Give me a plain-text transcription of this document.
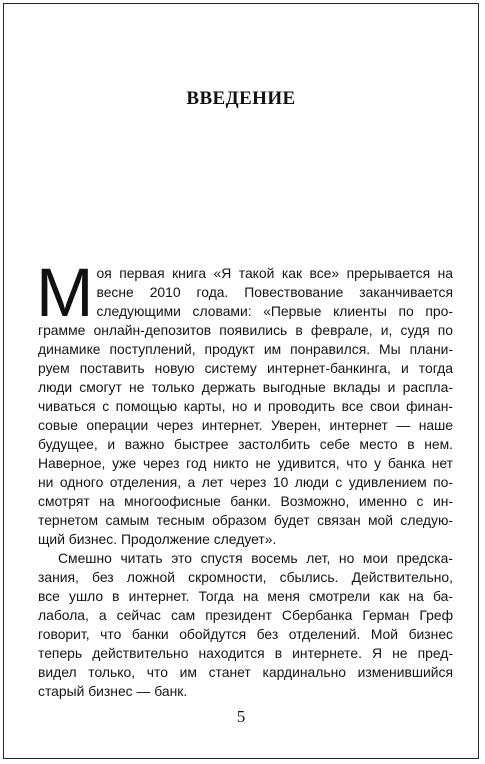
ВВЕДЕНИЕ
М оя первая книга «Я такой как все» прерывается на
весне 2010 года. Повествование заканчивается
следующими словами: «Первые клиенты по про-
грамме онлайн-депозитов появились в феврале, и, судя по
динамике поступлений, продукт им понравился. Мы плани-
руем поставить новую систему интернет-банкинга, и тогда
люди смогут не только держать выгодные вклады и распла-
чиваться с помощью карты, но и проводить все свои финан-
совые операции через интернет. Уверен, интернет — наше
будущее, и важно быстрее застолбить себе место в нем.
Наверное, уже через год никто не удивится, что у банка нет
ни одного отделения, а лет через 10 люди с удивлением по-
смотрят на многоофисные банки. Возможно, именно с ин-
тернетом самым тесным образом будет связан мой следую-
щий бизнес. Продолжение следует».
Смешно читать это спустя восемь лет, но мои предска-
зания, без ложной скромности, сбылись. Действительно,
все ушло в интернет. Тогда на меня смотрели как на ба-
лабола, а сейчас сам президент Сбербанка Герман Греф
говорит, что банки обойдутся без отделений. Мой бизнес
теперь действительно находится в интернете. Я не пред-
видел только, что им станет кардинально изменившийся
старый бизнес — банк.
5
